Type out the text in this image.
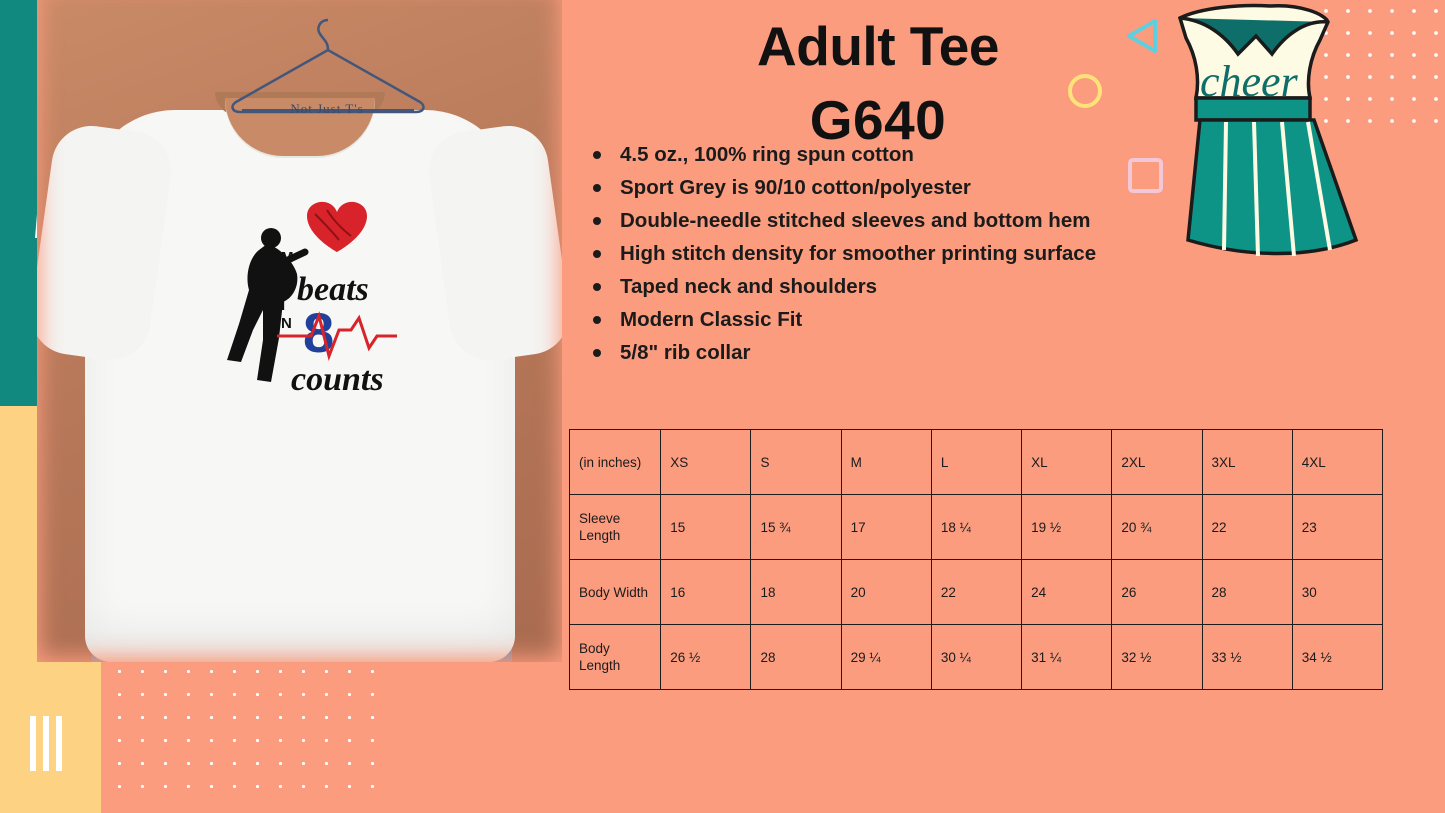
M
Y
I
N
beats
8
counts
Not Just T's
cheer
Adult Tee
G640
4.5 oz., 100% ring spun cotton
Sport Grey is 90/10 cotton/polyester
Double-needle stitched sleeves and bottom hem
High stitch density for smoother printing surface
Taped neck and shoulders
Modern Classic Fit
5/8" rib collar
(in inches)	XS	S	M	L	XL	2XL	3XL	4XL
Sleeve Length	15	15 ¾	17	18 ¼	19 ½	20 ¾	22	23
Body Width	16	18	20	22	24	26	28	30
Body Length	26 ½	28	29 ¼	30 ¼	31 ¼	32 ½	33 ½	34 ½
